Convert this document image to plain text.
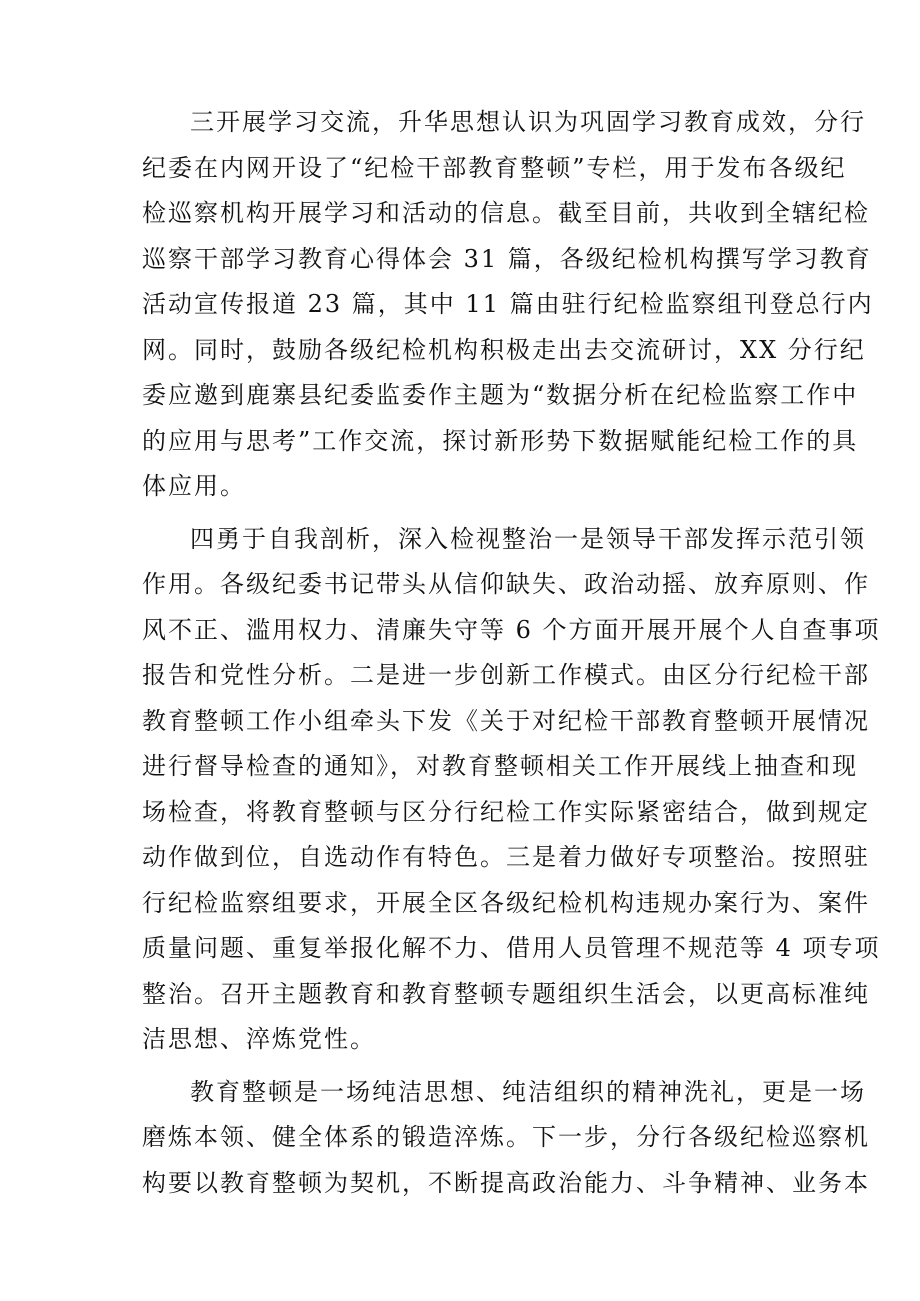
三开展学习交流，升华思想认识为巩固学习教育成效，分行
纪委在内网开设了“纪检干部教育整顿”专栏，用于发布各级纪
检巡察机构开展学习和活动的信息。截至目前，共收到全辖纪检
巡察干部学习教育心得体会 31 篇，各级纪检机构撰写学习教育
活动宣传报道 23 篇，其中 11 篇由驻行纪检监察组刊登总行内
网。同时，鼓励各级纪检机构积极走出去交流研讨，XX 分行纪
委应邀到鹿寨县纪委监委作主题为“数据分析在纪检监察工作中
的应用与思考”工作交流，探讨新形势下数据赋能纪检工作的具
体应用。
四勇于自我剖析，深入检视整治一是领导干部发挥示范引领
作用。各级纪委书记带头从信仰缺失、政治动摇、放弃原则、作
风不正、滥用权力、清廉失守等 6 个方面开展开展个人自查事项
报告和党性分析。二是进一步创新工作模式。由区分行纪检干部
教育整顿工作小组牵头下发《关于对纪检干部教育整顿开展情况
进行督导检查的通知》，对教育整顿相关工作开展线上抽查和现
场检查，将教育整顿与区分行纪检工作实际紧密结合，做到规定
动作做到位，自选动作有特色。三是着力做好专项整治。按照驻
行纪检监察组要求，开展全区各级纪检机构违规办案行为、案件
质量问题、重复举报化解不力、借用人员管理不规范等 4 项专项
整治。召开主题教育和教育整顿专题组织生活会，以更高标准纯
洁思想、淬炼党性。
教育整顿是一场纯洁思想、纯洁组织的精神洗礼，更是一场
磨炼本领、健全体系的锻造淬炼。下一步，分行各级纪检巡察机
构要以教育整顿为契机，不断提高政治能力、斗争精神、业务本
